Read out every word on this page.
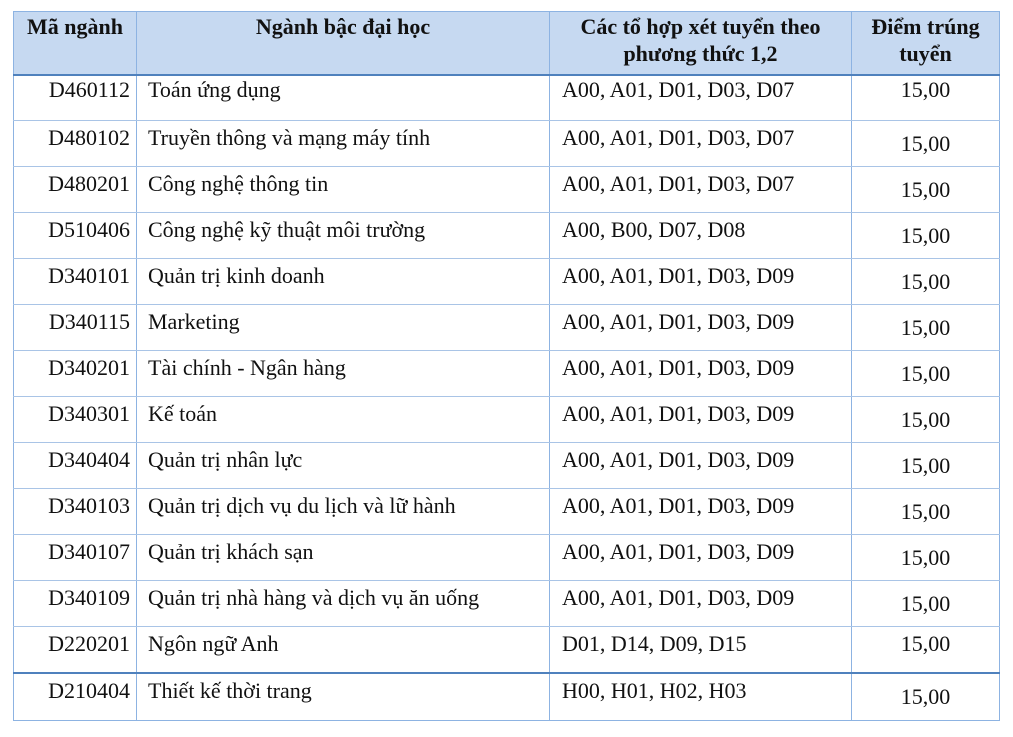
Mã ngành	Ngành bậc đại học	Các tổ hợp xét tuyển theo phương thức 1,2	Điểm trúng tuyển

D460112	Toán ứng dụng	A00, A01, D01, D03, D07	15,00

D480102	Truyền thông và mạng máy tính	A00, A01, D01, D03, D07	15,00

D480201	Công nghệ thông tin	A00, A01, D01, D03, D07	15,00

D510406	Công nghệ kỹ thuật môi trường	A00, B00, D07, D08	15,00

D340101	Quản trị kinh doanh	A00, A01, D01, D03, D09	15,00

D340115	Marketing	A00, A01, D01, D03, D09	15,00

D340201	Tài chính - Ngân hàng	A00, A01, D01, D03, D09	15,00

D340301	Kế toán	A00, A01, D01, D03, D09	15,00

D340404	Quản trị nhân lực	A00, A01, D01, D03, D09	15,00

D340103	Quản trị dịch vụ du lịch và lữ hành	A00, A01, D01, D03, D09	15,00

D340107	Quản trị khách sạn	A00, A01, D01, D03, D09	15,00

D340109	Quản trị nhà hàng và dịch vụ ăn uống	A00, A01, D01, D03, D09	15,00

D220201	Ngôn ngữ Anh	D01, D14, D09, D15	15,00

D210404	Thiết kế thời trang	H00, H01, H02, H03	15,00
